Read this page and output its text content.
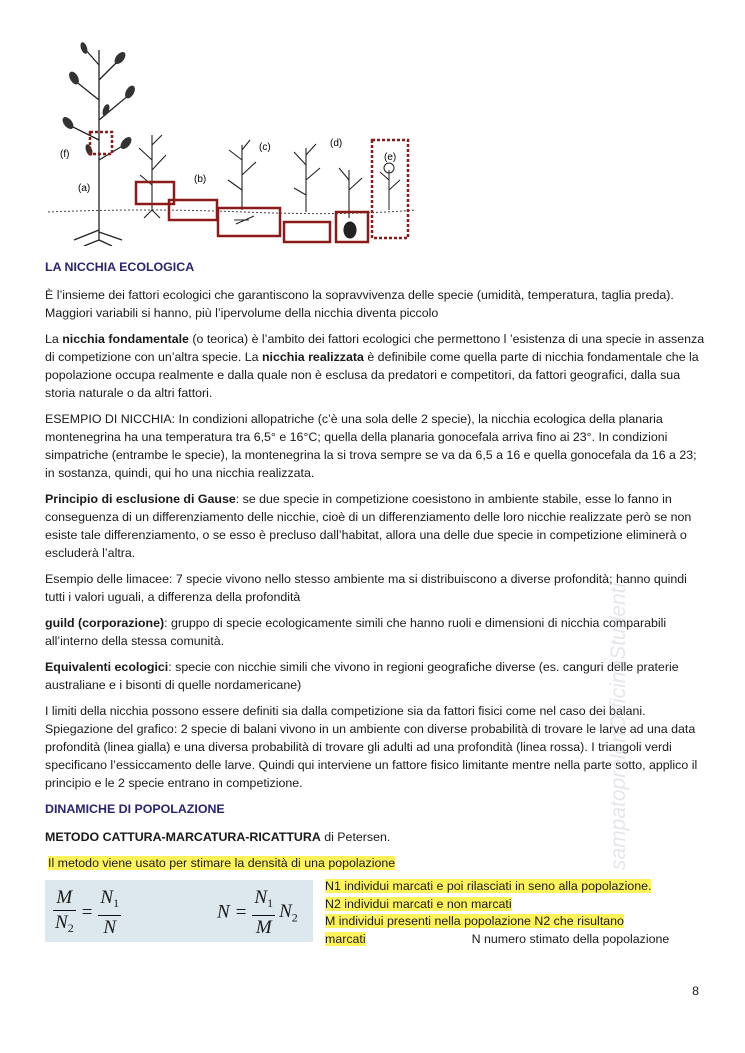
(f)
(a)
(b)
(c)	(d)
(e)
LA NICCHIA ECOLOGICA

È l’insieme dei fattori ecologici che garantiscono la sopravvivenza delle specie (umidità, temperatura, taglia preda). Maggiori variabili si hanno, più l’ipervolume della nicchia diventa piccolo

La nicchia fondamentale (o teorica) è l’ambito dei fattori ecologici che permettono l ’esistenza di una specie in assenza di competizione con un’altra specie. La nicchia realizzata è definibile come quella parte di nicchia fondamentale che la popolazione occupa realmente e dalla quale non è esclusa da predatori e competitori, da fattori geografici, dalla sua storia naturale o da altri fattori.

ESEMPIO DI NICCHIA: In condizioni allopatriche (c’è una sola delle 2 specie), la nicchia ecologica della planaria montenegrina ha una temperatura tra 6,5° e 16°C; quella della planaria gonocefala arriva fino ai 23°. In condizioni simpatriche (entrambe le specie), la montenegrina la si trova sempre se va da 6,5 a 16 e quella gonocefala da 16 a 23; in sostanza, quindi, qui ho una nicchia realizzata.

Principio di esclusione di Gause: se due specie in competizione coesistono in ambiente stabile, esse lo fanno in conseguenza di un differenziamento delle nicchie, cioè di un differenziamento delle loro nicchie realizzate però se non esiste tale differenziamento, o se esso è precluso dall’habitat, allora una delle due specie in competizione eliminerà o escluderà l’altra.

Esempio delle limacee: 7 specie vivono nello stesso ambiente ma si distribuiscono a diverse profondità; hanno quindi tutti i valori uguali, a differenza della profondità

guild (corporazione): gruppo di specie ecologicamente simili che hanno ruoli e dimensioni di nicchia comparabili all’interno della stessa comunità.

Equivalenti ecologici: specie con nicchie simili che vivono in regioni geografiche diverse (es. canguri delle praterie australiane e i bisonti di quelle nordamericane)

I limiti della nicchia possono essere definiti sia dalla competizione sia da fattori fisici come nel caso dei balani. Spiegazione del grafico: 2 specie di balani vivono in un ambiente con diverse probabilità di trovare le larve ad una data profondità (linea gialla) e una diversa probabilità di trovare gli adulti ad una profondità (linea rossa). I triangoli verdi specificano l’essiccamento delle larve. Quindi qui interviene un fattore fisico limitante mentre nella parte sotto, applico il principio e le 2 specie entrano in competizione.

DINAMICHE DI POPOLAZIONE

METODO CATTURA-MARCATURA-RICATTURA di Petersen.

Il metodo viene usato per stimare la densità di una popolazione

$\frac{M}{N_2} = \frac{N_1}{N}$	$N = \frac{N_1}{M} N_2$
N1 individui marcati e poi rilasciati in seno alla popolazione.
N2 individui marcati e non marcati
M individui presenti nella popolazione N2 che risultano
marcati	N numero stimato della popolazione
sampatoprelenOfficinaStudenti
8
